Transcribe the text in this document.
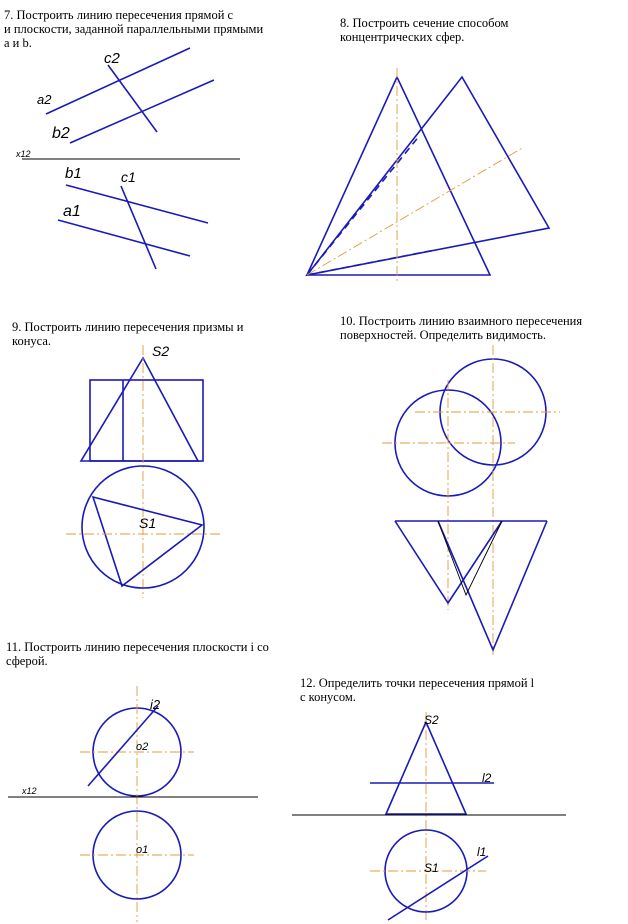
7. Построить линию пересечения прямой с
и плоскости, заданной параллельными прямыми
a и b.

8. Построить сечение способом
концентрических сфер.

9. Построить линию пересечения призмы и
конуса.

10. Построить линию взаимного пересечения
поверхностей. Определить видимость.

11. Построить линию пересечения плоскости i со
сферой.

12. Определить точки пересечения прямой l
с конусом.

c2
a2
b2
x12
b1	c1
a1
S2
S1
i2
o2
x12
o1
S2
l2
S1
l1
